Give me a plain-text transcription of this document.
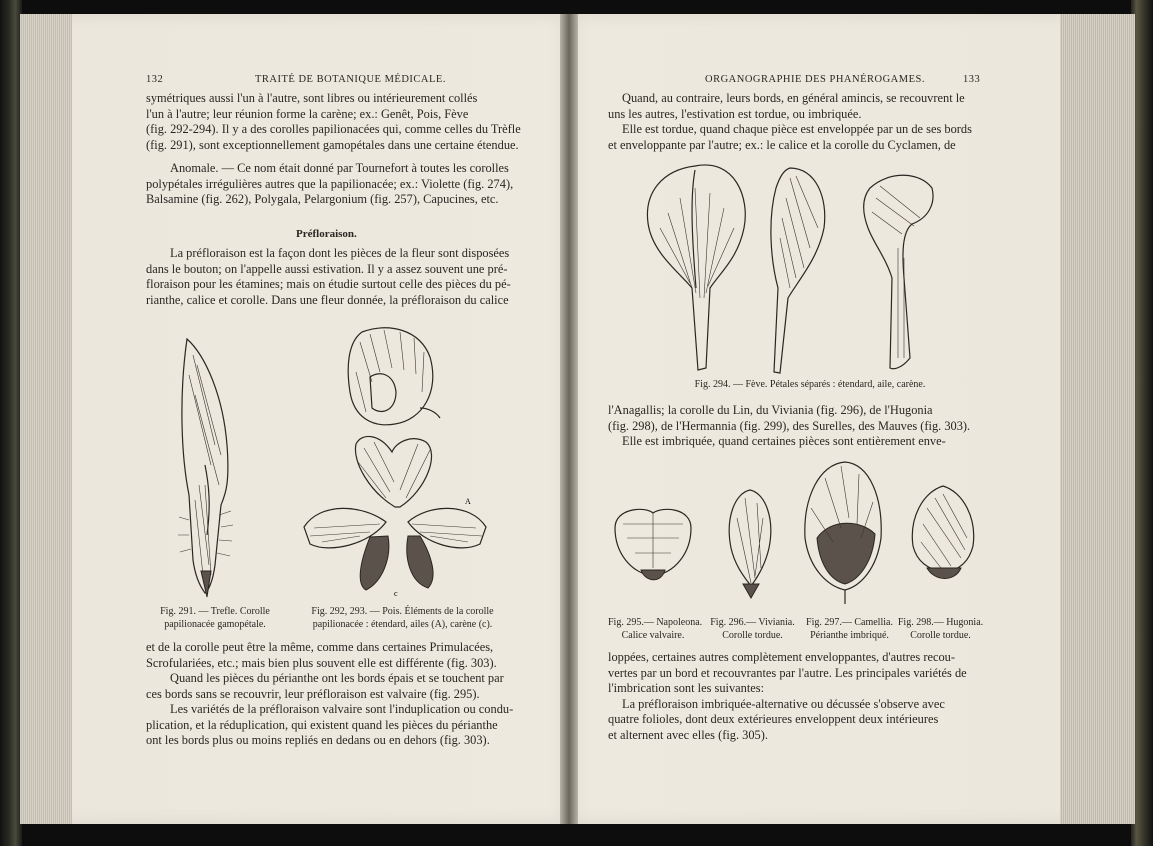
132	TRAITÉ DE BOTANIQUE MÉDICALE.
symétriques aussi l'un à l'autre, sont libres ou intérieurement collés
l'un à l'autre; leur réunion forme la carène; ex.: Genêt, Pois, Fève
(fig. 292-294). Il y a des corolles papilionacées qui, comme celles du Trèfle
(fig. 291), sont exceptionnellement gamopétales dans une certaine étendue.
Anomale. — Ce nom était donné par Tournefort à toutes les corolles
polypétales irrégulières autres que la papilionacée; ex.: Violette (fig. 274),
Balsamine (fig. 262), Polygala, Pelargonium (fig. 257), Capucines, etc.
Préfloraison.
La préfloraison est la façon dont les pièces de la fleur sont disposées
dans le bouton; on l'appelle aussi estivation. Il y a assez souvent une pré-
floraison pour les étamines; mais on étudie surtout celle des pièces du pé-
rianthe, calice et corolle. Dans une fleur donnée, la préfloraison du calice
A
c
Fig. 291. — Trefle. Corolle
papilionacée gamopétale.
Fig. 292, 293. — Pois. Éléments de la corolle
papilionacée : étendard, ailes (A), carène (c).
et de la corolle peut être la même, comme dans certaines Primulacées,
Scrofulariées, etc.; mais bien plus souvent elle est différente (fig. 303).
Quand les pièces du périanthe ont les bords épais et se touchent par
ces bords sans se recouvrir, leur préfloraison est valvaire (fig. 295).
Les variétés de la préfloraison valvaire sont l'induplication ou condu-
plication, et la réduplication, qui existent quand les pièces du périanthe
ont les bords plus ou moins repliés en dedans ou en dehors (fig. 303).
ORGANOGRAPHIE DES PHANÉROGAMES.	133
Quand, au contraire, leurs bords, en général amincis, se recouvrent le
uns les autres, l'estivation est tordue, ou imbriquée.
Elle est tordue, quand chaque pièce est enveloppée par un de ses bords
et enveloppante par l'autre; ex.: le calice et la corolle du Cyclamen, de
Fig. 294. — Fève. Pétales séparés : étendard, aile, carène.
l'Anagallis; la corolle du Lin, du Viviania (fig. 296), de l'Hugonia
(fig. 298), de l'Hermannia (fig. 299), des Surelles, des Mauves (fig. 303).
Elle est imbriquée, quand certaines pièces sont entièrement enve-
Fig. 295.— Napoleona.
Calice valvaire.
Fig. 296.— Viviania.
Corolle tordue.
Fig. 297.— Camellia.
Périanthe imbriqué.
Fig. 298.— Hugonia.
Corolle tordue.
loppées, certaines autres complètement enveloppantes, d'autres recou-
vertes par un bord et recouvrantes par l'autre. Les principales variétés de
l'imbrication sont les suivantes:
La préfloraison imbriquée-alternative ou décussée s'observe avec
quatre folioles, dont deux extérieures enveloppent deux intérieures
et alternent avec elles (fig. 305).
